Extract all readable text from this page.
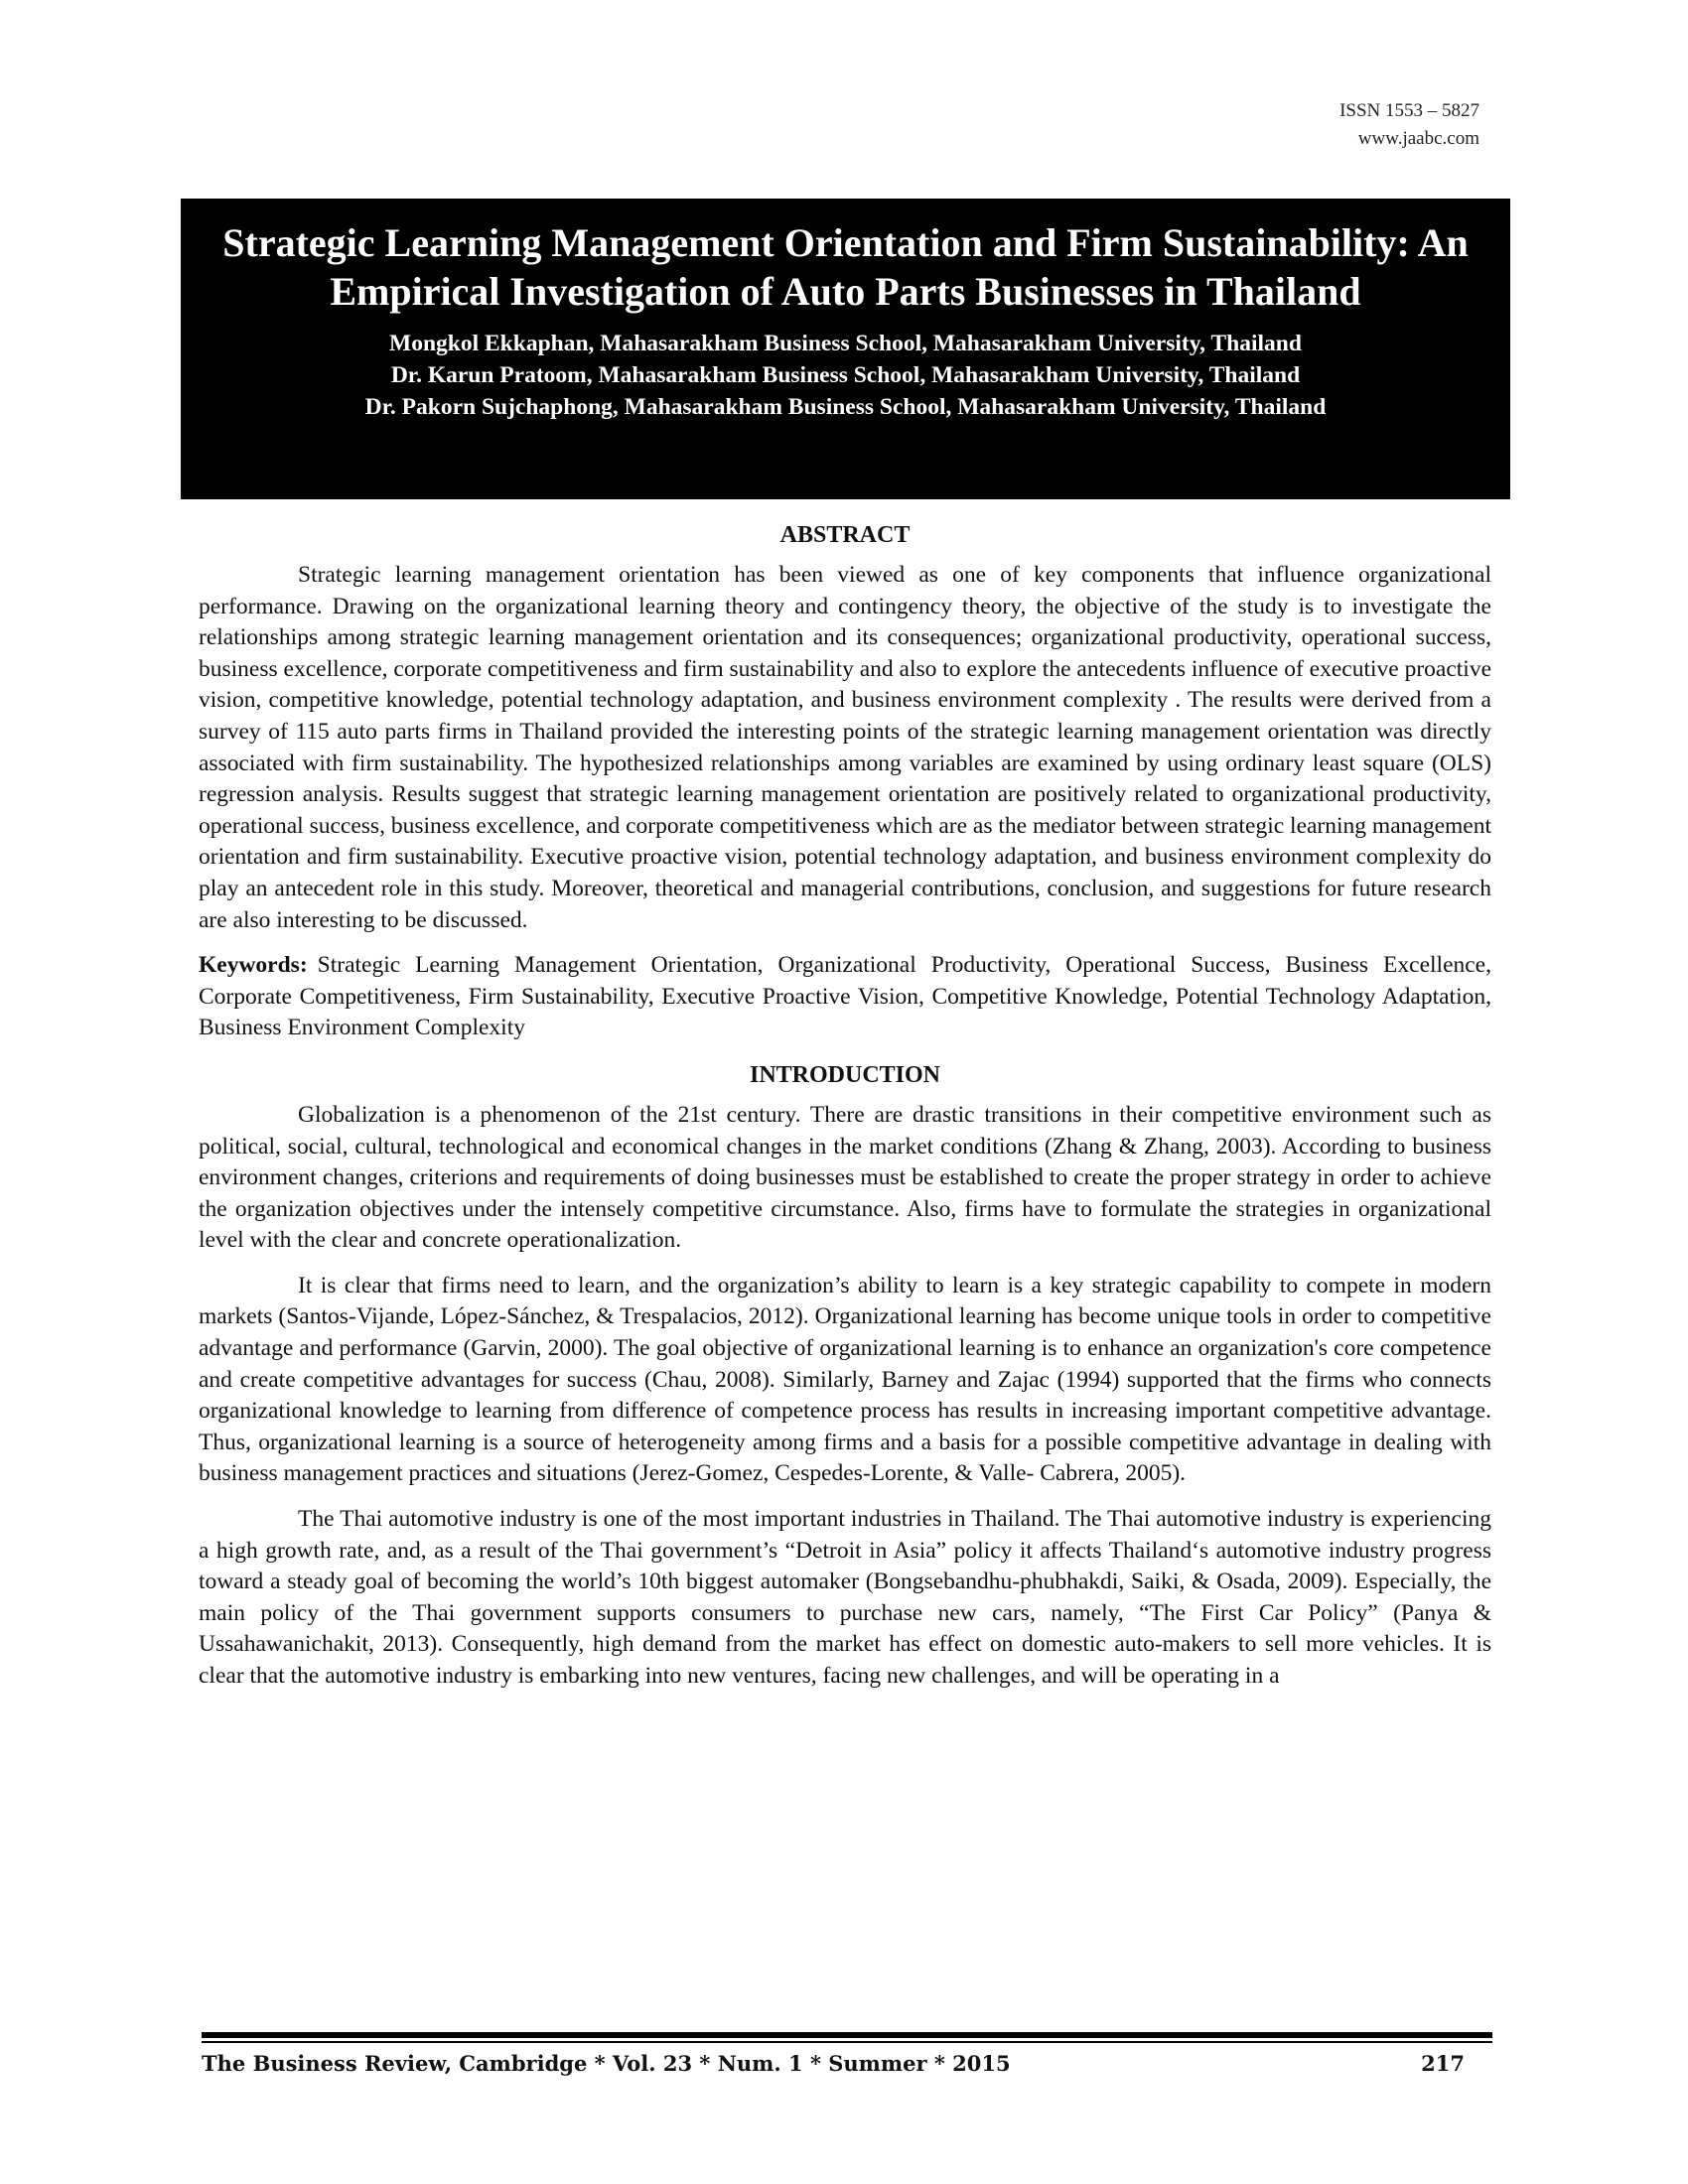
ISSN 1553 – 5827
www.jaabc.com
Strategic Learning Management Orientation and Firm Sustainability: An Empirical Investigation of Auto Parts Businesses in Thailand
Mongkol Ekkaphan, Mahasarakham Business School, Mahasarakham University, Thailand
Dr. Karun Pratoom, Mahasarakham Business School, Mahasarakham University, Thailand
Dr. Pakorn Sujchaphong, Mahasarakham Business School, Mahasarakham University, Thailand
ABSTRACT

Strategic learning management orientation has been viewed as one of key components that influence organizational performance. Drawing on the organizational learning theory and contingency theory, the objective of the study is to investigate the relationships among strategic learning management orientation and its consequences; organizational productivity, operational success, business excellence, corporate competitiveness and firm sustainability and also to explore the antecedents influence of executive proactive vision, competitive knowledge, potential technology adaptation, and business environment complexity . The results were derived from a survey of 115 auto parts firms in Thailand provided the interesting points of the strategic learning management orientation was directly associated with firm sustainability. The hypothesized relationships among variables are examined by using ordinary least square (OLS) regression analysis. Results suggest that strategic learning management orientation are positively related to organizational productivity, operational success, business excellence, and corporate competitiveness which are as the mediator between strategic learning management orientation and firm sustainability. Executive proactive vision, potential technology adaptation, and business environment complexity do play an antecedent role in this study. Moreover, theoretical and managerial contributions, conclusion, and suggestions for future research are also interesting to be discussed.

Keywords: Strategic Learning Management Orientation, Organizational Productivity, Operational Success, Business Excellence, Corporate Competitiveness, Firm Sustainability, Executive Proactive Vision, Competitive Knowledge, Potential Technology Adaptation, Business Environment Complexity

INTRODUCTION

Globalization is a phenomenon of the 21st century. There are drastic transitions in their competitive environment such as political, social, cultural, technological and economical changes in the market conditions (Zhang & Zhang, 2003). According to business environment changes, criterions and requirements of doing businesses must be established to create the proper strategy in order to achieve the organization objectives under the intensely competitive circumstance. Also, firms have to formulate the strategies in organizational level with the clear and concrete operationalization.

It is clear that firms need to learn, and the organization’s ability to learn is a key strategic capability to compete in modern markets (Santos-Vijande, López-Sánchez, & Trespalacios, 2012). Organizational learning has become unique tools in order to competitive advantage and performance (Garvin, 2000). The goal objective of organizational learning is to enhance an organization's core competence and create competitive advantages for success (Chau, 2008). Similarly, Barney and Zajac (1994) supported that the firms who connects organizational knowledge to learning from difference of competence process has results in increasing important competitive advantage. Thus, organizational learning is a source of heterogeneity among firms and a basis for a possible competitive advantage in dealing with business management practices and situations (Jerez-Gomez, Cespedes-Lorente, & Valle- Cabrera, 2005).

The Thai automotive industry is one of the most important industries in Thailand. The Thai automotive industry is experiencing a high growth rate, and, as a result of the Thai government’s “Detroit in Asia” policy it affects Thailand‘s automotive industry progress toward a steady goal of becoming the world’s 10th biggest automaker (Bongsebandhu-phubhakdi, Saiki, & Osada, 2009). Especially, the main policy of the Thai government supports consumers to purchase new cars, namely, “The First Car Policy” (Panya & Ussahawanichakit, 2013). Consequently, high demand from the market has effect on domestic auto-makers to sell more vehicles. It is clear that the automotive industry is embarking into new ventures, facing new challenges, and will be operating in a

The Business Review, Cambridge * Vol. 23 * Num. 1 * Summer * 2015	217
